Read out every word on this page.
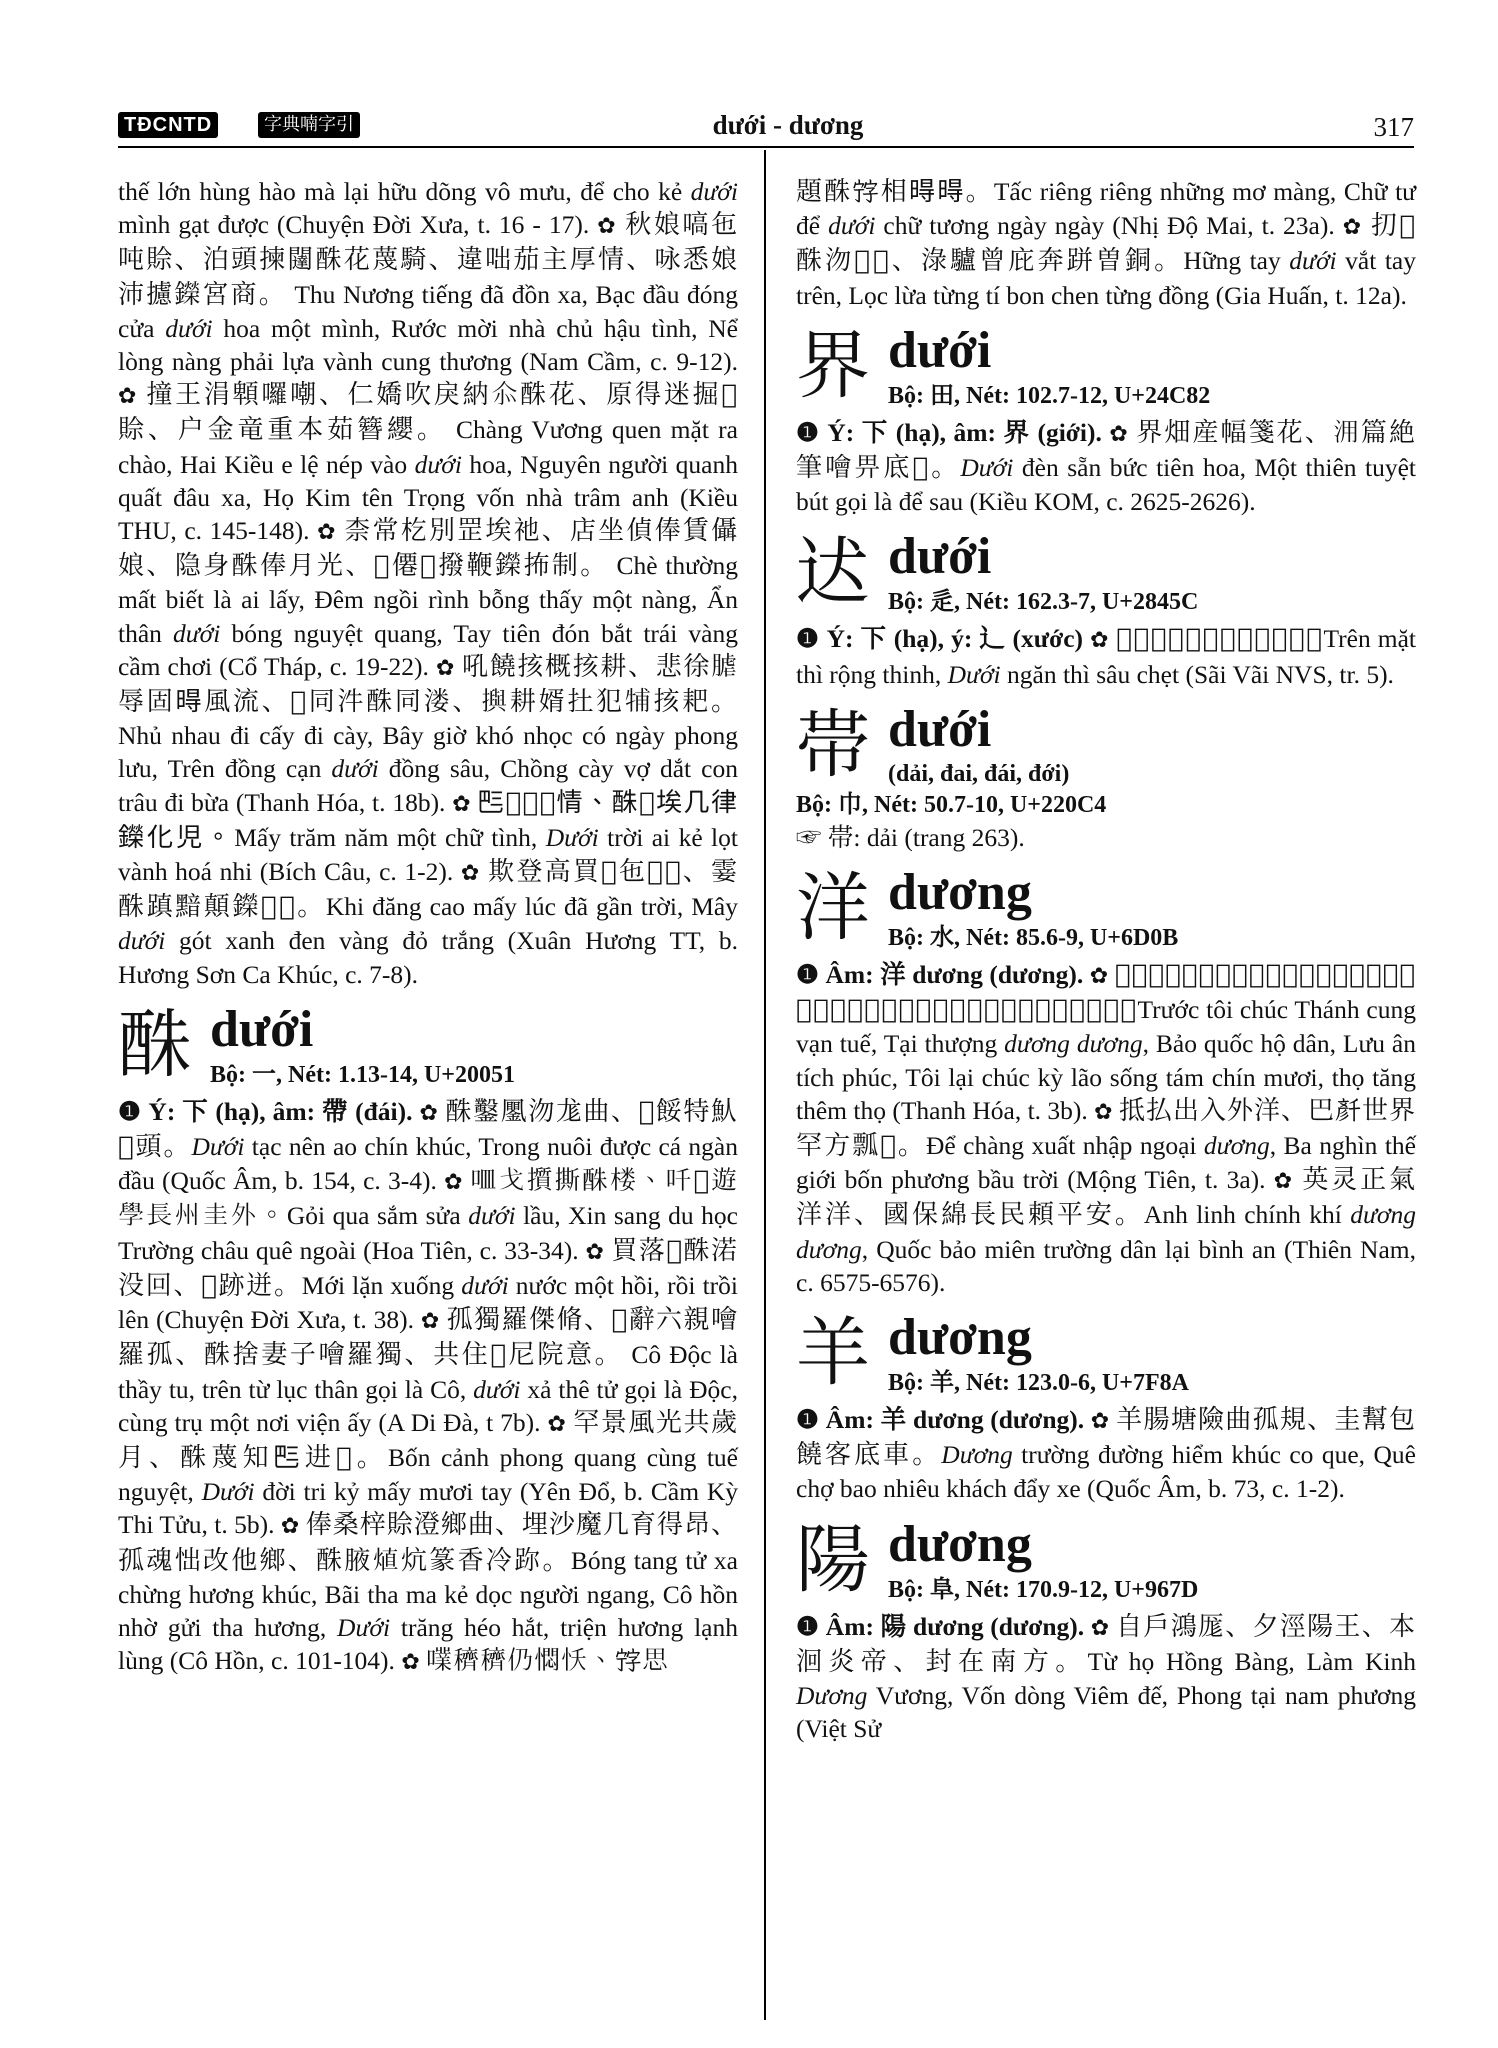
TĐCNTD	字典喃字引	dưới - dương	317

thế lớn hùng hào mà lại hữu dõng vô mưu, để cho kẻ dưới mình gạt được (Chuyện Đời Xưa, t. 16 - 17). ✿ 秋娘嗃㐌吨賒、泊頭揀闥䣷花蔑騎、違咄茄主厚情、咏悉娘沛攄鑅宮商。 Thu Nương tiếng đã đồn xa, Bạc đầu đóng cửa dưới hoa một mình, Rước mời nhà chủ hậu tình, Nể lòng nàng phải lựa vành cung thương (Nam Cầm, c. 9-12). ✿ 撞王涓䫌囉嘲、仁嬌吹戾納𠇍䣷花、原得迷掘𡊱賒、户金竜重本茹簪纓。 Chàng Vương quen mặt ra chào, Hai Kiều e lệ nép vào dưới hoa, Nguyên người quanh quất đâu xa, Họ Kim tên Trọng vốn nhà trâm anh (Kiều THU, c. 145-148). ✿ 柰常杚別罡埃祂、店坐偵俸賃㒤娘、隐身䣷俸月光、𢬣僊𢯦撥鞭鑅抪制。 Chè thường mất biết là ai lấy, Đêm ngồi rình bỗng thấy một nàng, Ẩn thân dưới bóng nguyệt quang, Tay tiên đón bắt trái vàng cầm chơi (Cổ Tháp, c. 19-22). ✿ 吼饒㧡概㧡耕、悲徐𦞐辱固𣈜風流、𡓁同汼䣷同溇、𢷣耕婿扗犯𤙭㧡耙。 Nhủ nhau đi cấy đi cày, Bây giờ khó nhọc có ngày phong lưu, Trên đồng cạn dưới đồng sâu, Chồng cày vợ dắt con trâu đi bừa (Thanh Hóa, t. 18b). ✿ 𠀧𢆥𠇍𡨸情、䣷𡗶埃几律鑅化児。Mấy trăm năm một chữ tình, Dưới trời ai kẻ lọt vành hoá nhi (Bích Câu, c. 1-2). ✿ 欺登高買𦝄㐌𡵴𡗶、霎䣷蹎黯顛鑅𪸂𪹚。Khi đăng cao mấy lúc đã gần trời, Mây dưới gót xanh đen vàng đỏ trắng (Xuân Hương TT, b. Hương Sơn Ca Khúc, c. 7-8).

䣷 dưới
Bộ: 一, Nét: 1.13-14, U+20051

❶ Ý: 下 (hạ), âm: 帶 (đái). ✿ 䣷鑿䥚沕尨曲、𩵜餒特魜𠦳頭。Dưới tạc nên ao chín khúc, Trong nuôi được cá ngàn đầu (Quốc Âm, b. 154, c. 3-4). ✿ 𠰘戈㩫撕䣷楼、吀𨖅遊學長州圭外。Gỏi qua sắm sửa dưới lầu, Xin sang du học Trường châu quê ngoài (Hoa Tiên, c. 33-34). ✿ 買落𥪝䣷渃没回、𨑗跡迸。Mới lặn xuống dưới nước một hồi, rồi trồi lên (Chuyện Đời Xưa, t. 38). ✿ 孤獨羅傑脩、𡓁辭六親噲羅孤、䣷捨妻子噲羅獨、共住𠬠尼院意。 Cô Độc là thầy tu, trên từ lục thân gọi là Cô, dưới xả thê tử gọi là Độc, cùng trụ một nơi viện ấy (A Di Đà, t 7b). ✿ 罕景風光共歲月、䣷蔑知𠀧进𢬣。Bốn cảnh phong quang cùng tuế nguyệt, Dưới đời tri kỷ mấy mươi tay (Yên Đổ, b. Cầm Kỳ Thi Tửu, t. 5b). ✿ 俸桑梓賒澄鄉曲、埋沙魔几育得昂、孤魂㤕改他鄉、䣷腋𤊧炕篆香冷䟢。Bóng tang tử xa chừng hương khúc, Bãi tha ma kẻ dọc người ngang, Cô hồn nhờ gửi tha hương, Dưới trăng héo hắt, triện hương lạnh lùng (Cô Hồn, c. 101-104). ✿ 𡁖穧穧仍㦖㤇、𡨸思

題䣷𡨸相𣈜𣈜。Tấc riêng riêng những mơ màng, Chữ tư để dưới chữ tương ngày ngày (Nhị Độ Mai, t. 23a). ✿ 㧅𢬣䣷沕𢬣𡓁、淥驢曾庇奔跰曽銅。Hững tay dưới vắt tay trên, Lọc lừa từng tí bon chen từng đồng (Gia Huấn, t. 12a).

界 dưới
Bộ: 田, Nét: 102.7-12, U+24C82

❶ Ý: 下 (hạ), âm: 界 (giới). ✿ 界畑産幅箋花、𣳔篇絶筆噲畀底𣋚。Dưới đèn sẵn bức tiên hoa, Một thiên tuyệt bút gọi là để sau (Kiều KOM, c. 2625-2626).

迖 dưới
Bộ: 辵, Nét: 162.3-7, U+2845C

❶ Ý: 下 (hạ), ý: 辶 (xước) ✿ 𡓁畧時瞞声、迖垠㟧溇折。Trên mặt thì rộng thinh, Dưới ngăn thì sâu chẹt (Sãi Vãi NVS, tr. 5).

帯 dưới
(dải, đai, đái, đới)
Bộ: 巾, Nét: 50.7-10, U+220C4

☞ 帯: dải (trang 263).

洋 dương
Bộ: 水, Nét: 85.6-9, U+6D0B

❶ Âm: 洋 dương (dương). ✿ 𡗅碎祝聖躬萬歲、在上洋洋、保国静民、留恩錫福、碎吏祝耆老𡢐𠄼尨迸、壽增添壽。Trước tôi chúc Thánh cung vạn tuế, Tại thượng dương dương, Bảo quốc hộ dân, Lưu ân tích phúc, Tôi lại chúc kỳ lão sống tám chín mươi, thọ tăng thêm thọ (Thanh Hóa, t. 3b). ✿ 抵払出入外洋、巴𠦳世界罕方瓢𡗶。Để chàng xuất nhập ngoại dương, Ba nghìn thế giới bốn phương bầu trời (Mộng Tiên, t. 3a). ✿ 英灵正氣洋洋、國保綿長民頼平安。Anh linh chính khí dương dương, Quốc bảo miên trường dân lại bình an (Thiên Nam, c. 6575-6576).

羊 dương
Bộ: 羊, Nét: 123.0-6, U+7F8A

❶ Âm: 羊 dương (dương). ✿ 羊腸塘險曲孤規、圭幫包饒客底車。Dương trường đường hiểm khúc co que, Quê chợ bao nhiêu khách đẩy xe (Quốc Âm, b. 73, c. 1-2).

陽 dương
Bộ: 阜, Nét: 170.9-12, U+967D

❶ Âm: 陽 dương (dương). ✿ 自戶鴻厖、夕涇陽王、本洄炎帝、封在南方。Từ họ Hồng Bàng, Làm Kinh Dương Vương, Vốn dòng Viêm đế, Phong tại nam phương (Việt Sử
